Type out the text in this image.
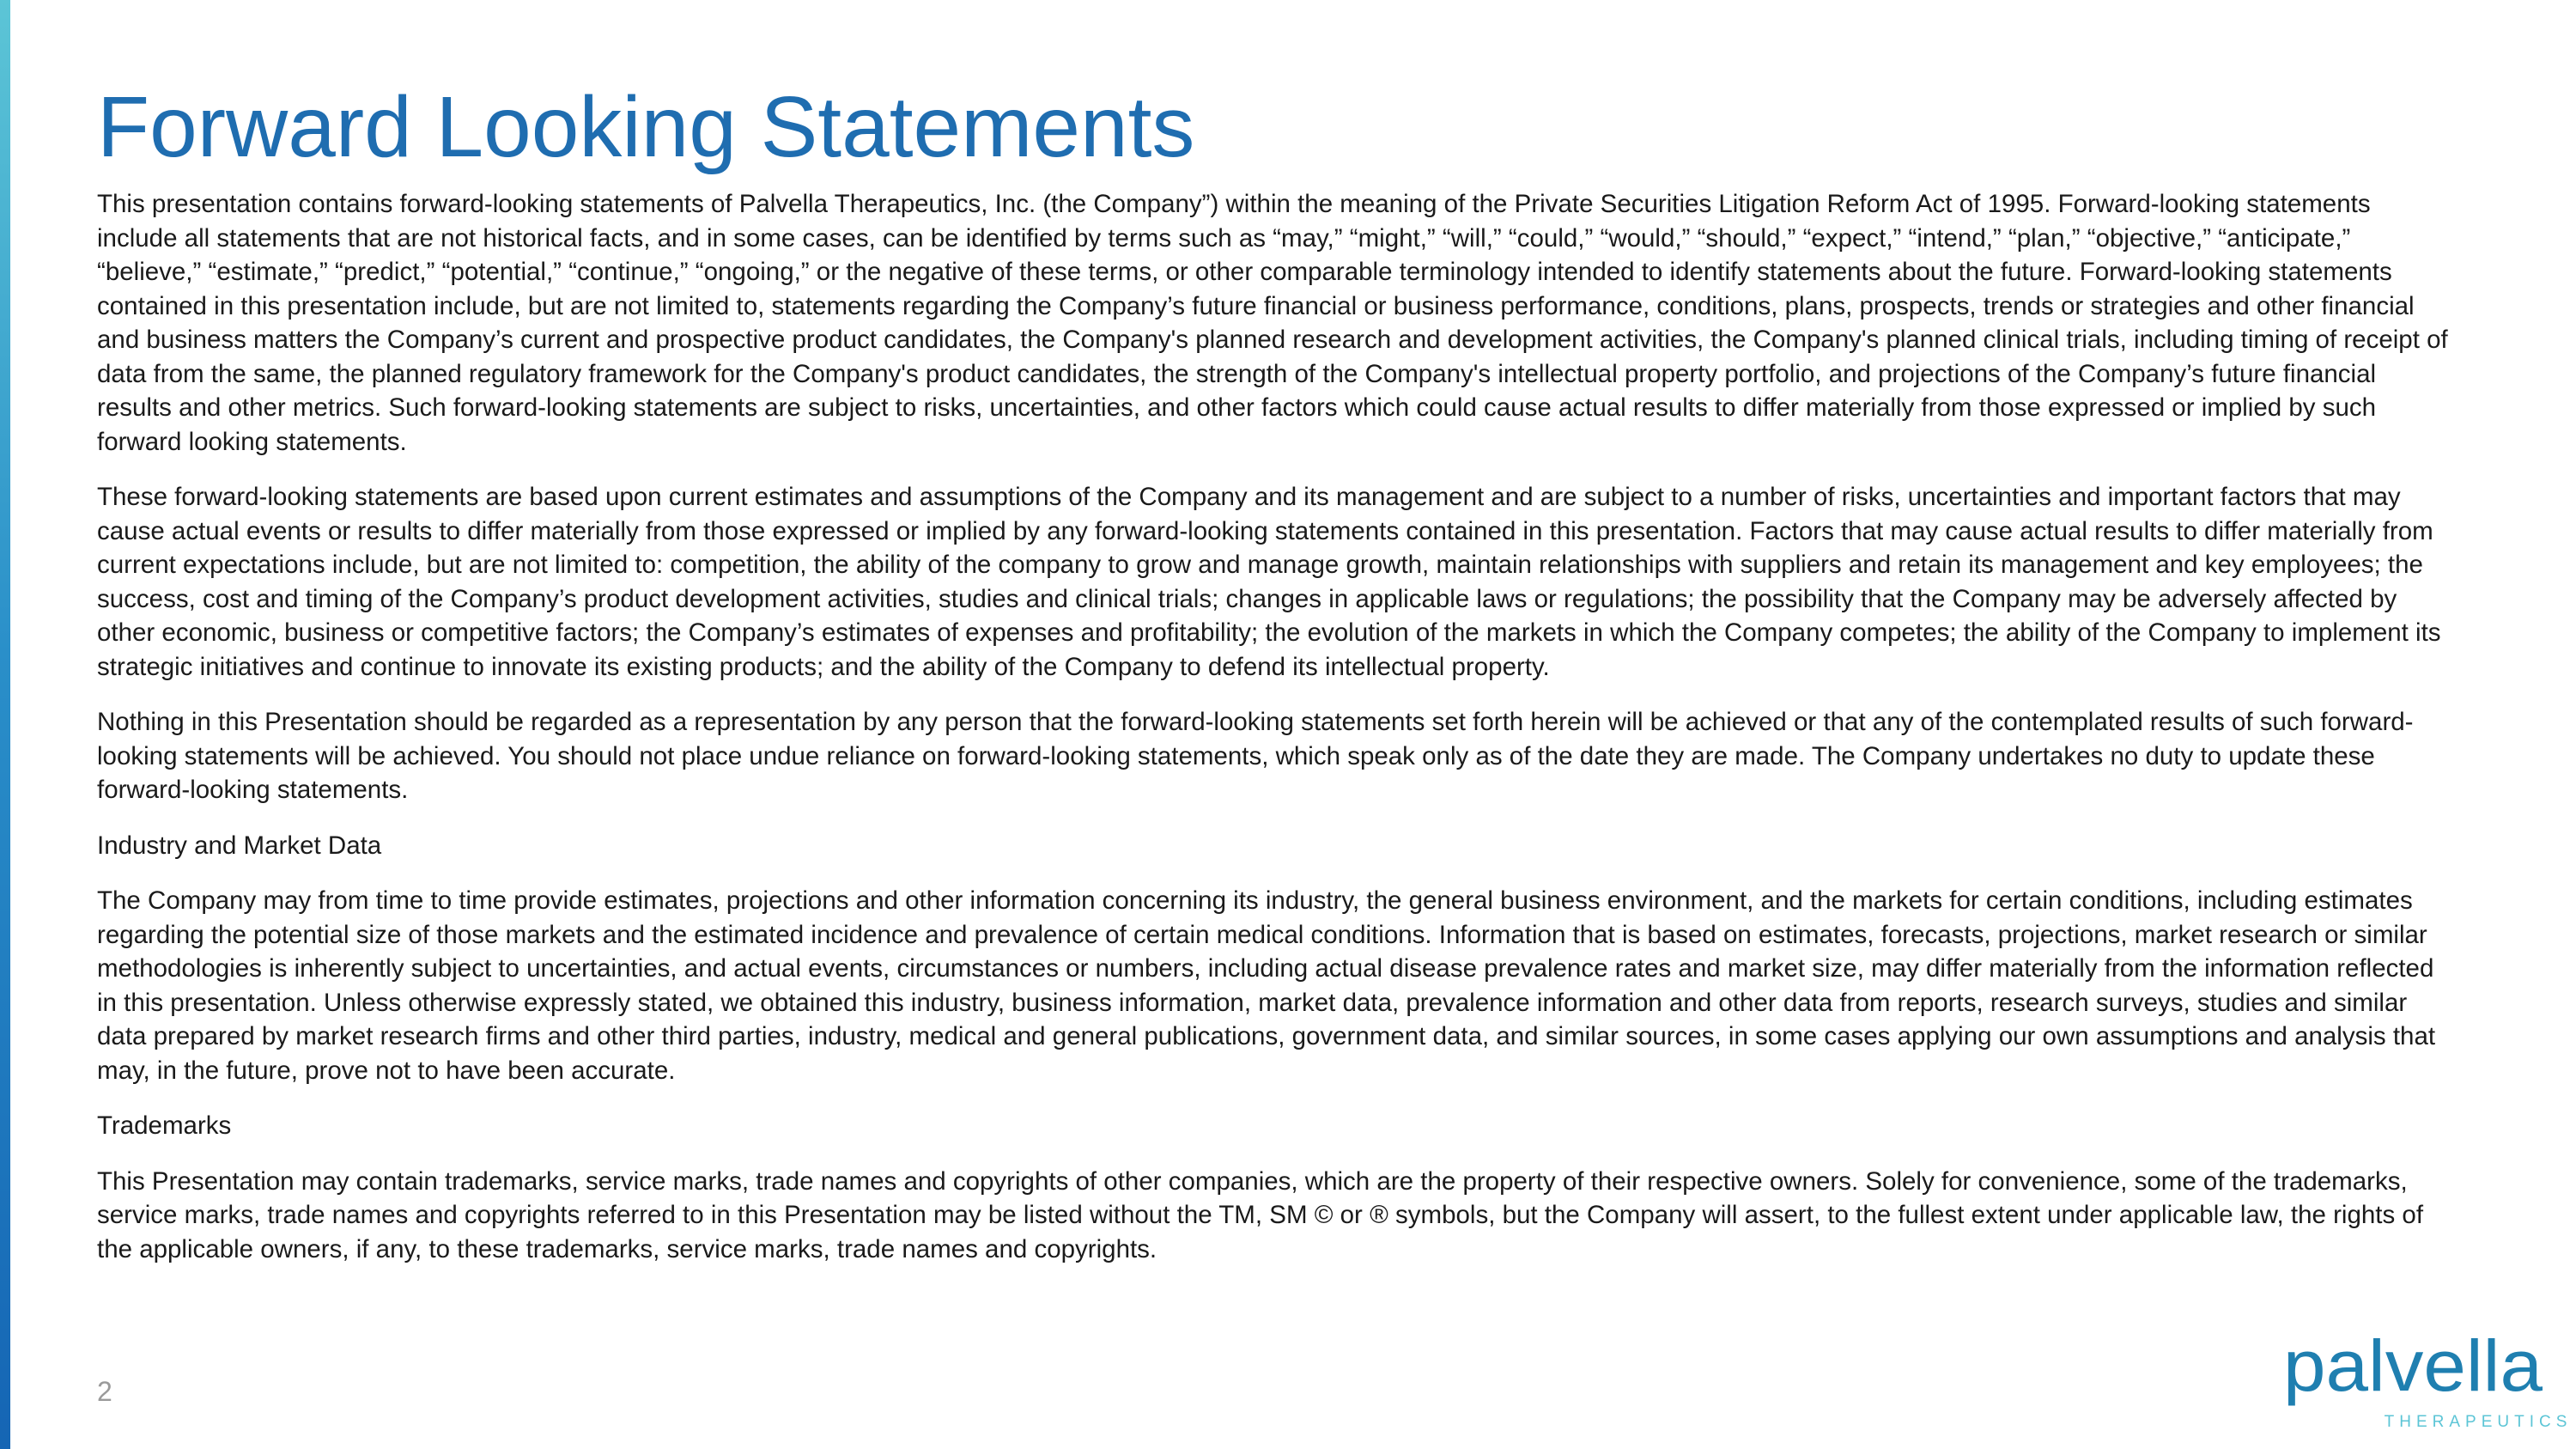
Forward Looking Statements

This presentation contains forward-looking statements of Palvella Therapeutics, Inc. (the Company”) within the meaning of the Private Securities Litigation Reform Act of 1995. Forward-looking statements include all statements that are not historical facts, and in some cases, can be identified by terms such as “may,” “might,” “will,” “could,” “would,” “should,” “expect,” “intend,” “plan,” “objective,” “anticipate,” “believe,” “estimate,” “predict,” “potential,” “continue,” “ongoing,” or the negative of these terms, or other comparable terminology intended to identify statements about the future. Forward-looking statements contained in this presentation include, but are not limited to, statements regarding the Company’s future financial or business performance, conditions, plans, prospects, trends or strategies and other financial and business matters the Company’s current and prospective product candidates, the Company's planned research and development activities, the Company's planned clinical trials, including timing of receipt of data from the same, the planned regulatory framework for the Company's product candidates, the strength of the Company's intellectual property portfolio, and projections of the Company’s future financial results and other metrics. Such forward-looking statements are subject to risks, uncertainties, and other factors which could cause actual results to differ materially from those expressed or implied by such forward looking statements.

These forward-looking statements are based upon current estimates and assumptions of the Company and its management and are subject to a number of risks, uncertainties and important factors that may cause actual events or results to differ materially from those expressed or implied by any forward-looking statements contained in this presentation. Factors that may cause actual results to differ materially from current expectations include, but are not limited to: competition, the ability of the company to grow and manage growth, maintain relationships with suppliers and retain its management and key employees; the success, cost and timing of the Company’s product development activities, studies and clinical trials; changes in applicable laws or regulations; the possibility that the Company may be adversely affected by other economic, business or competitive factors; the Company’s estimates of expenses and profitability; the evolution of the markets in which the Company competes; the ability of the Company to implement its strategic initiatives and continue to innovate its existing products; and the ability of the Company to defend its intellectual property.

Nothing in this Presentation should be regarded as a representation by any person that the forward-looking statements set forth herein will be achieved or that any of the contemplated results of such forward-looking statements will be achieved. You should not place undue reliance on forward-looking statements, which speak only as of the date they are made. The Company undertakes no duty to update these forward-looking statements.

Industry and Market Data

The Company may from time to time provide estimates, projections and other information concerning its industry, the general business environment, and the markets for certain conditions, including estimates regarding the potential size of those markets and the estimated incidence and prevalence of certain medical conditions. Information that is based on estimates, forecasts, projections, market research or similar methodologies is inherently subject to uncertainties, and actual events, circumstances or numbers, including actual disease prevalence rates and market size, may differ materially from the information reflected in this presentation. Unless otherwise expressly stated, we obtained this industry, business information, market data, prevalence information and other data from reports, research surveys, studies and similar data prepared by market research firms and other third parties, industry, medical and general publications, government data, and similar sources, in some cases applying our own assumptions and analysis that may, in the future, prove not to have been accurate.

Trademarks

This Presentation may contain trademarks, service marks, trade names and copyrights of other companies, which are the property of their respective owners. Solely for convenience, some of the trademarks, service marks, trade names and copyrights referred to in this Presentation may be listed without the TM, SM © or ® symbols, but the Company will assert, to the fullest extent under applicable law, the rights of the applicable owners, if any, to these trademarks, service marks, trade names and copyrights.

2	palvella
THERAPEUTICS
